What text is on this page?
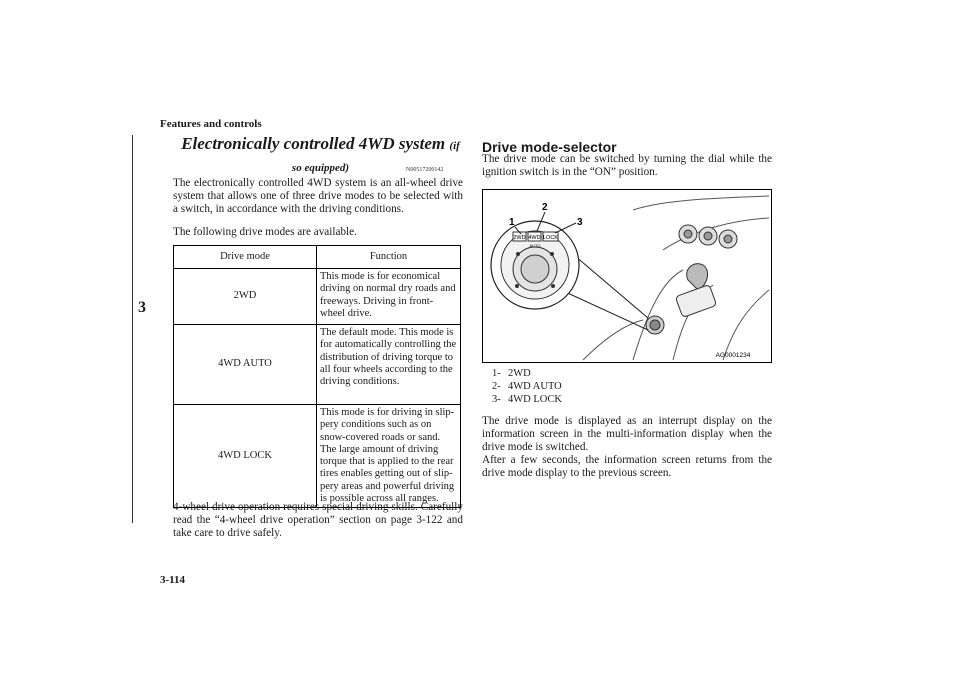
Features and controls
3
3-114
Electronically controlled 4WD system (if so equipped)	N00517200142

The electronically controlled 4WD system is an all-wheel drive system that allows one of three drive modes to be selected with a switch, in accordance with the driving conditions.

The following drive modes are available.

Drive mode	Function
2WD	This mode is for economical driving on normal dry roads and freeways. Driving in front-wheel drive.
4WD AUTO	The default mode. This mode is for automatically controlling the distribution of driving torque to all four wheels according to the driving conditions.
4WD LOCK	This mode is for driving in slip-pery conditions such as on snow-covered roads or sand. The large amount of driving torque that is applied to the rear tires enables getting out of slip-pery areas and powerful driving is possible across all ranges.

4-wheel drive operation requires special driving skills. Carefully read the “4-wheel drive operation” section on page 3-122 and take care to drive safely.

Drive mode-selector

The drive mode can be switched by turning the dial while the ignition switch is in the “ON” position.

2WD 4WD LOCK
AUTO
1
2
3
AG0001234
1- 2WD
2- 4WD AUTO
3- 4WD LOCK

The drive mode is displayed as an interrupt display on the information screen in the multi-information display when the drive mode is switched.

After a few seconds, the information screen returns from the drive mode display to the previous screen.
